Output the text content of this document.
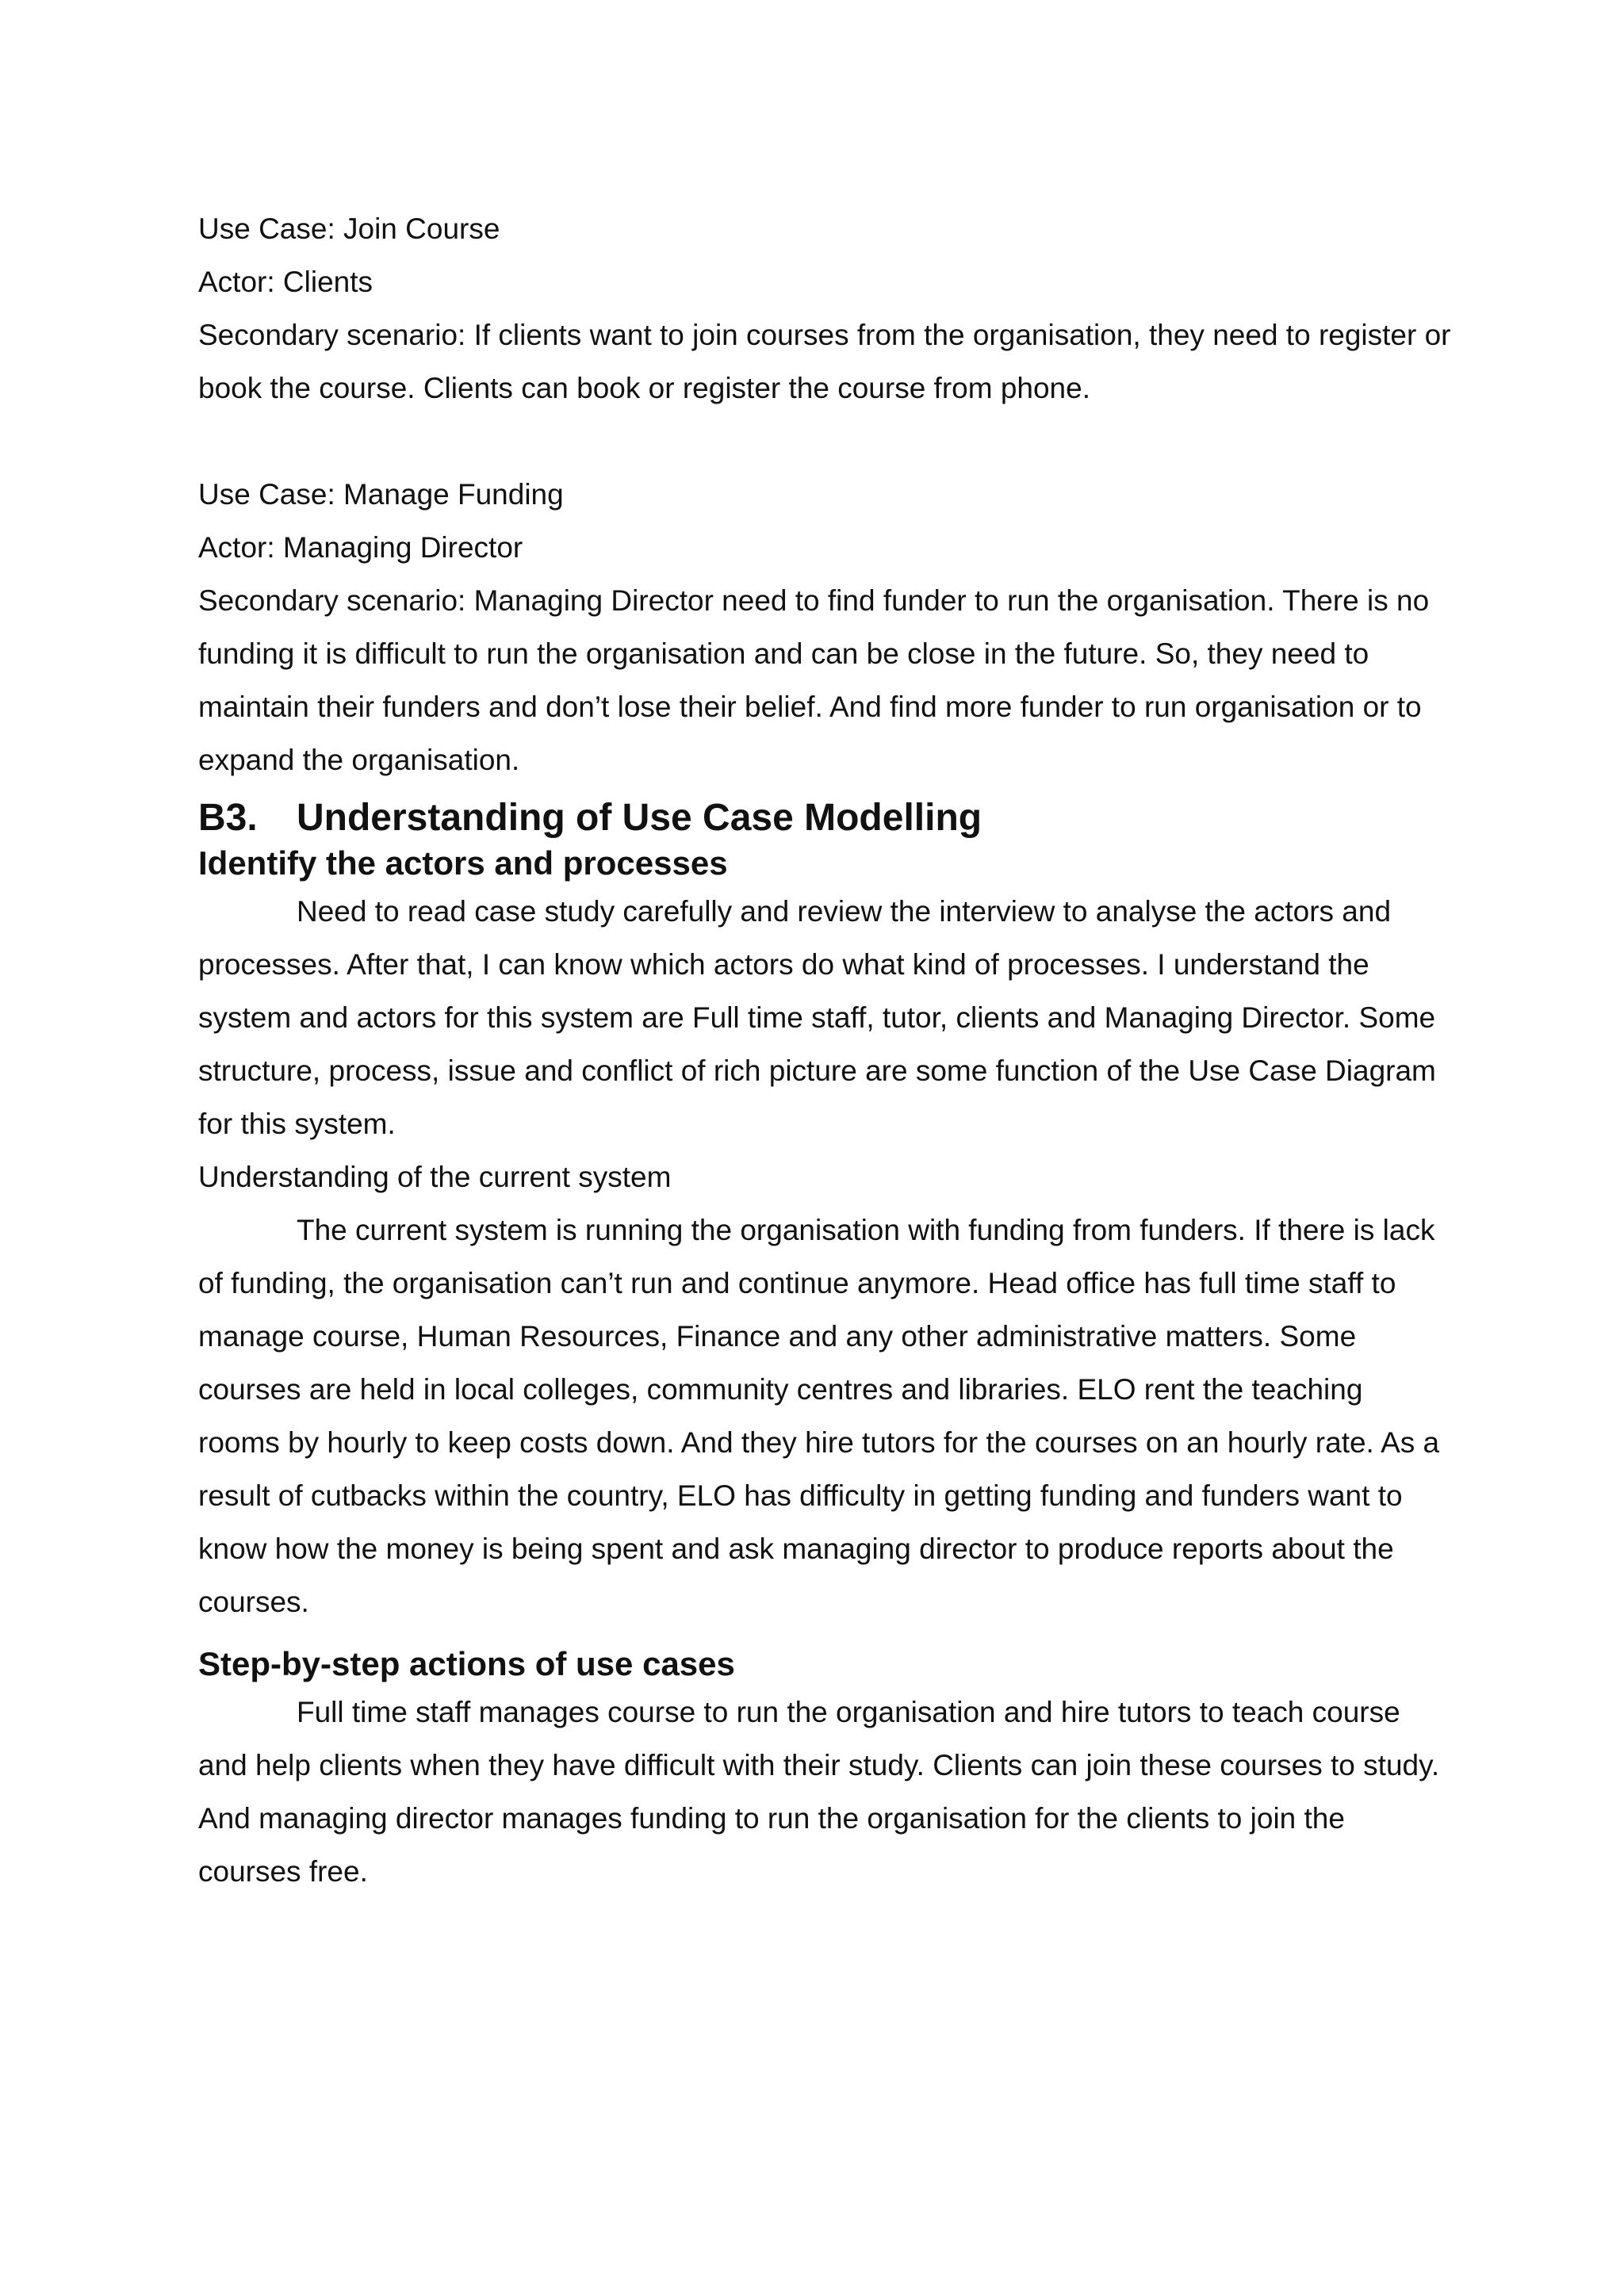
Use Case: Join Course

Actor: Clients

Secondary scenario: If clients want to join courses from the organisation, they need to register or book the course. Clients can book or register the course from phone.

Use Case: Manage Funding

Actor: Managing Director

Secondary scenario: Managing Director need to find funder to run the organisation. There is no funding it is difficult to run the organisation and can be close in the future. So, they need to maintain their funders and don’t lose their belief. And find more funder to run organisation or to expand the organisation.

B3. Understanding of Use Case Modelling
Identify the actors and processes

Need to read case study carefully and review the interview to analyse the actors and processes. After that, I can know which actors do what kind of processes. I understand the system and actors for this system are Full time staff, tutor, clients and Managing Director. Some structure, process, issue and conflict of rich picture are some function of the Use Case Diagram for this system.

Understanding of the current system

The current system is running the organisation with funding from funders. If there is lack of funding, the organisation can’t run and continue anymore. Head office has full time staff to manage course, Human Resources, Finance and any other administrative matters. Some courses are held in local colleges, community centres and libraries. ELO rent the teaching rooms by hourly to keep costs down. And they hire tutors for the courses on an hourly rate. As a result of cutbacks within the country, ELO has difficulty in getting funding and funders want to know how the money is being spent and ask managing director to produce reports about the courses.

Step-by-step actions of use cases

Full time staff manages course to run the organisation and hire tutors to teach course and help clients when they have difficult with their study. Clients can join these courses to study. And managing director manages funding to run the organisation for the clients to join the courses free.
